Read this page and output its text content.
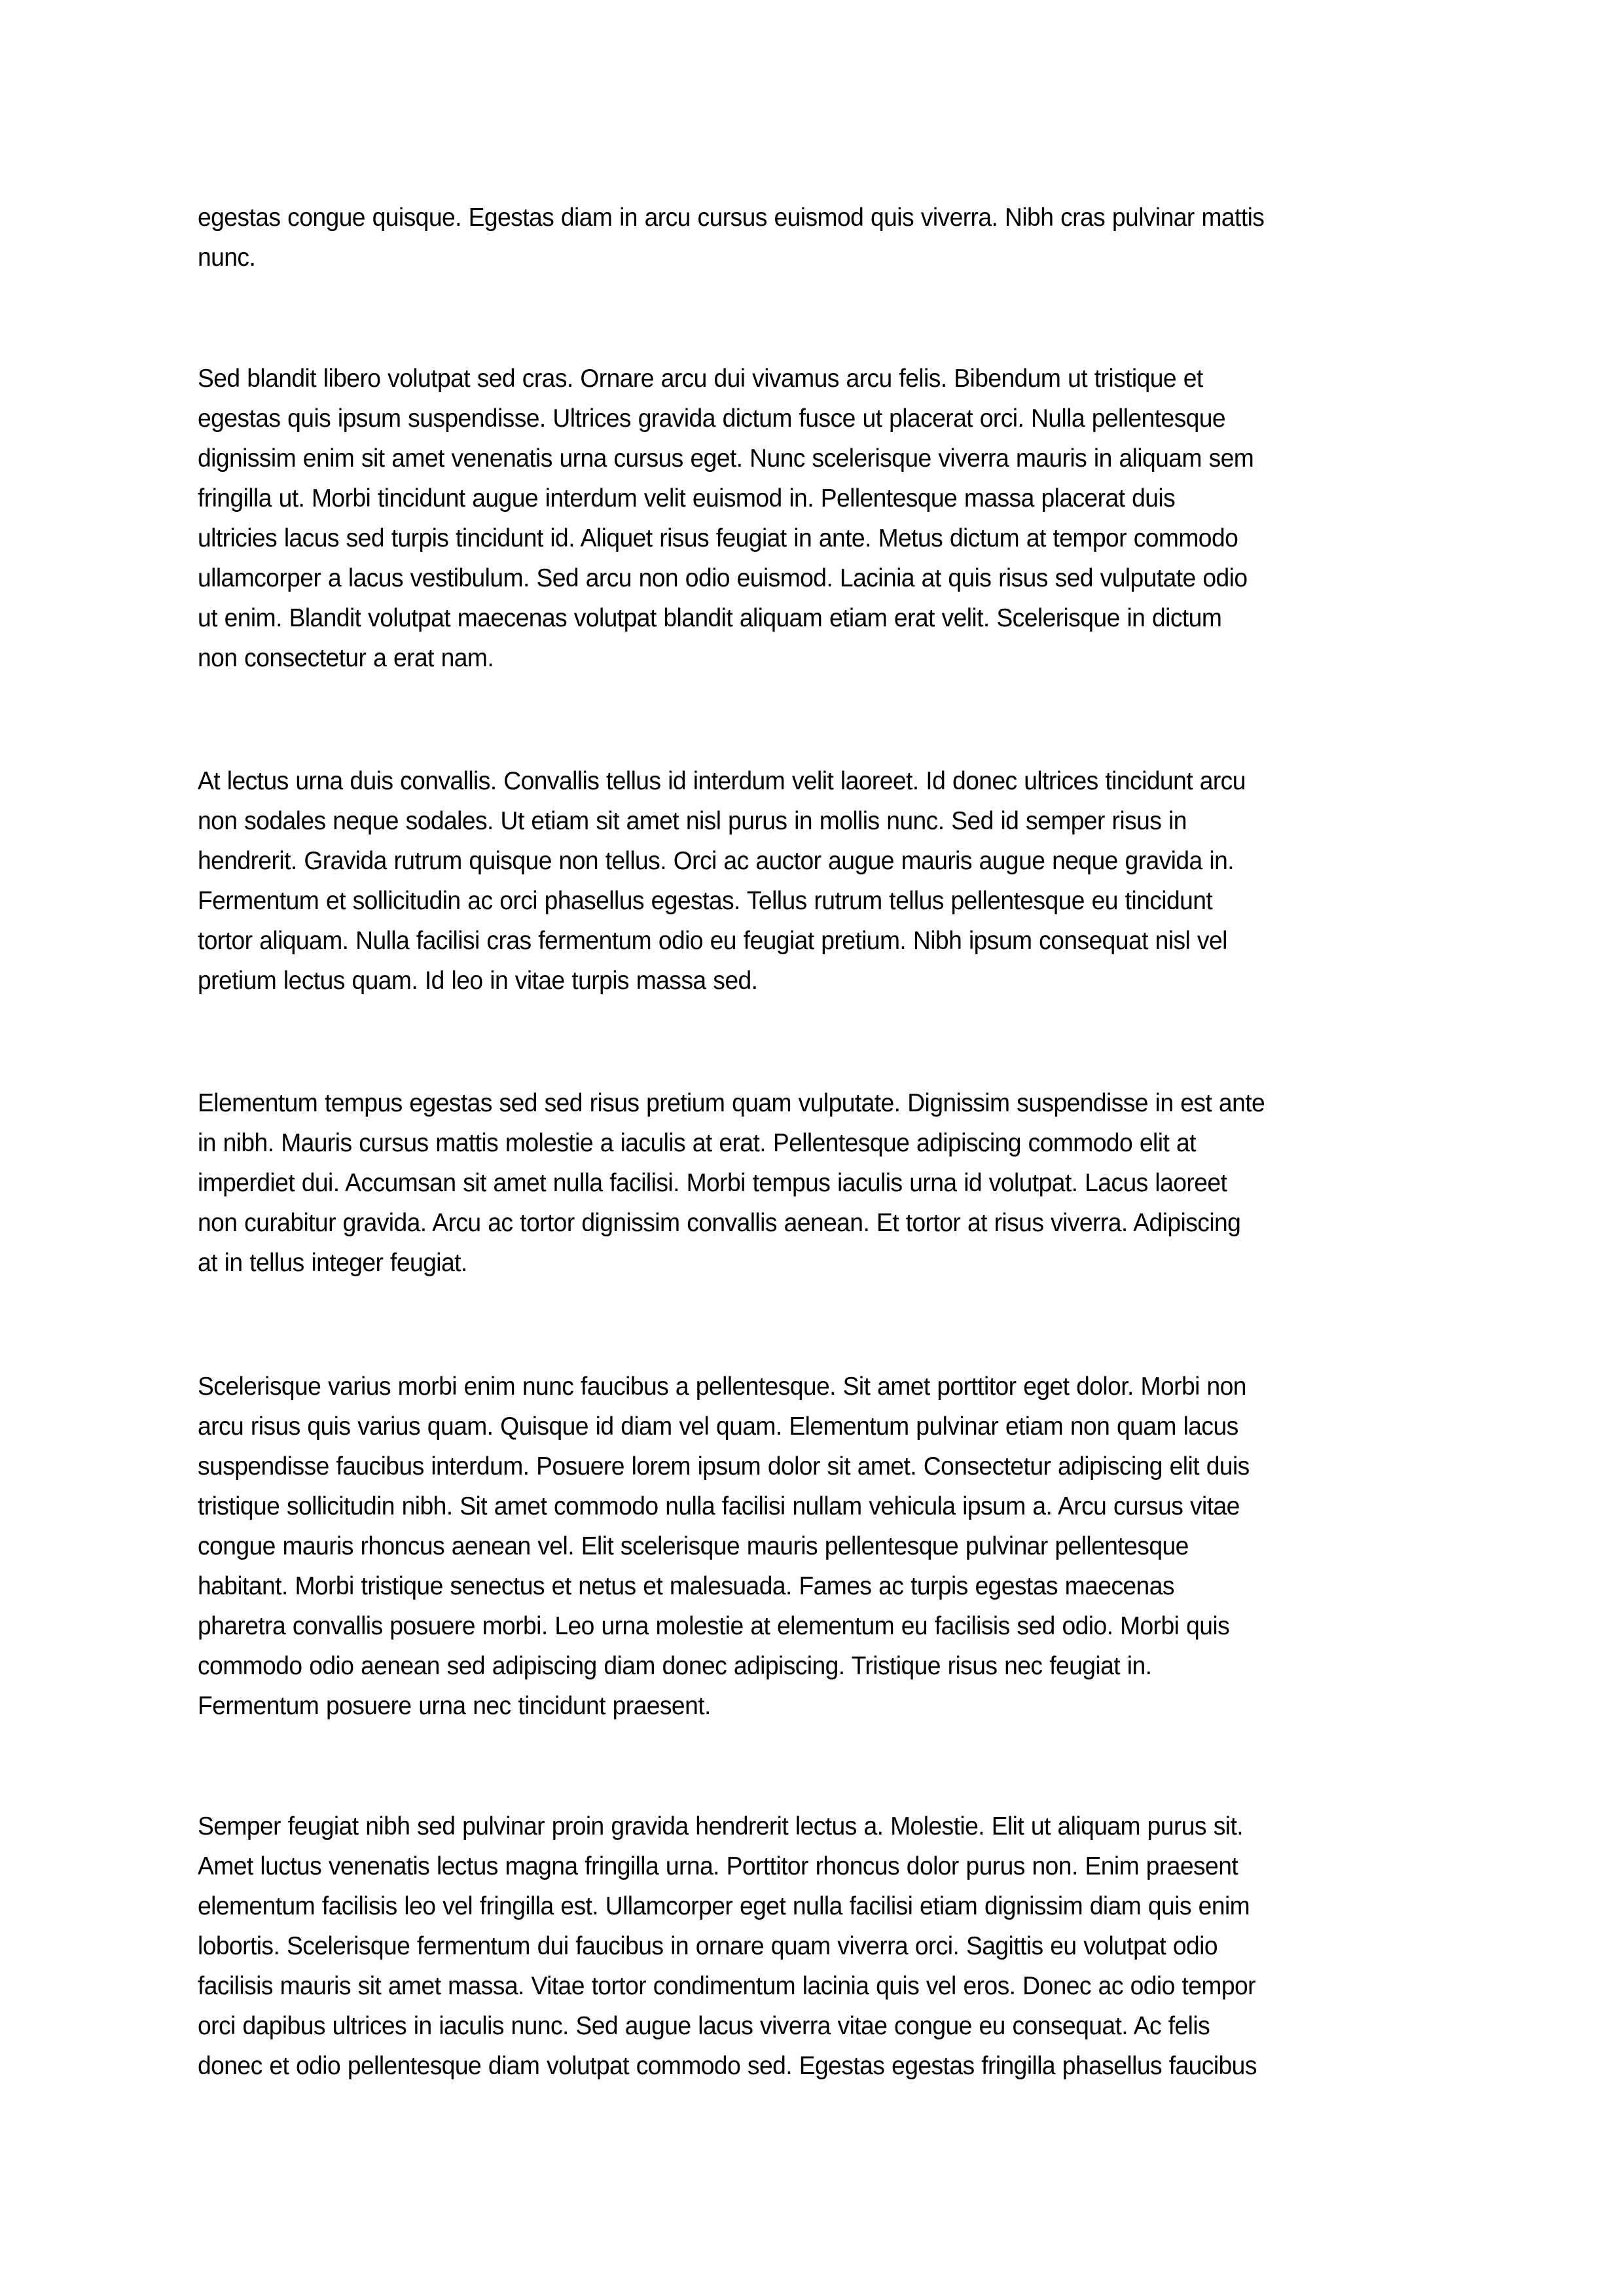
egestas congue quisque. Egestas diam in arcu cursus euismod quis viverra. Nibh cras pulvinar mattis
nunc.

Sed blandit libero volutpat sed cras. Ornare arcu dui vivamus arcu felis. Bibendum ut tristique et
egestas quis ipsum suspendisse. Ultrices gravida dictum fusce ut placerat orci. Nulla pellentesque
dignissim enim sit amet venenatis urna cursus eget. Nunc scelerisque viverra mauris in aliquam sem
fringilla ut. Morbi tincidunt augue interdum velit euismod in. Pellentesque massa placerat duis
ultricies lacus sed turpis tincidunt id. Aliquet risus feugiat in ante. Metus dictum at tempor commodo
ullamcorper a lacus vestibulum. Sed arcu non odio euismod. Lacinia at quis risus sed vulputate odio
ut enim. Blandit volutpat maecenas volutpat blandit aliquam etiam erat velit. Scelerisque in dictum
non consectetur a erat nam.

At lectus urna duis convallis. Convallis tellus id interdum velit laoreet. Id donec ultrices tincidunt arcu
non sodales neque sodales. Ut etiam sit amet nisl purus in mollis nunc. Sed id semper risus in
hendrerit. Gravida rutrum quisque non tellus. Orci ac auctor augue mauris augue neque gravida in.
Fermentum et sollicitudin ac orci phasellus egestas. Tellus rutrum tellus pellentesque eu tincidunt
tortor aliquam. Nulla facilisi cras fermentum odio eu feugiat pretium. Nibh ipsum consequat nisl vel
pretium lectus quam. Id leo in vitae turpis massa sed.

Elementum tempus egestas sed sed risus pretium quam vulputate. Dignissim suspendisse in est ante
in nibh. Mauris cursus mattis molestie a iaculis at erat. Pellentesque adipiscing commodo elit at
imperdiet dui. Accumsan sit amet nulla facilisi. Morbi tempus iaculis urna id volutpat. Lacus laoreet
non curabitur gravida. Arcu ac tortor dignissim convallis aenean. Et tortor at risus viverra. Adipiscing
at in tellus integer feugiat.

Scelerisque varius morbi enim nunc faucibus a pellentesque. Sit amet porttitor eget dolor. Morbi non
arcu risus quis varius quam. Quisque id diam vel quam. Elementum pulvinar etiam non quam lacus
suspendisse faucibus interdum. Posuere lorem ipsum dolor sit amet. Consectetur adipiscing elit duis
tristique sollicitudin nibh. Sit amet commodo nulla facilisi nullam vehicula ipsum a. Arcu cursus vitae
congue mauris rhoncus aenean vel. Elit scelerisque mauris pellentesque pulvinar pellentesque
habitant. Morbi tristique senectus et netus et malesuada. Fames ac turpis egestas maecenas
pharetra convallis posuere morbi. Leo urna molestie at elementum eu facilisis sed odio. Morbi quis
commodo odio aenean sed adipiscing diam donec adipiscing. Tristique risus nec feugiat in.
Fermentum posuere urna nec tincidunt praesent.

Semper feugiat nibh sed pulvinar proin gravida hendrerit lectus a. Molestie. Elit ut aliquam purus sit.
Amet luctus venenatis lectus magna fringilla urna. Porttitor rhoncus dolor purus non. Enim praesent
elementum facilisis leo vel fringilla est. Ullamcorper eget nulla facilisi etiam dignissim diam quis enim
lobortis. Scelerisque fermentum dui faucibus in ornare quam viverra orci. Sagittis eu volutpat odio
facilisis mauris sit amet massa. Vitae tortor condimentum lacinia quis vel eros. Donec ac odio tempor
orci dapibus ultrices in iaculis nunc. Sed augue lacus viverra vitae congue eu consequat. Ac felis
donec et odio pellentesque diam volutpat commodo sed. Egestas egestas fringilla phasellus faucibus
